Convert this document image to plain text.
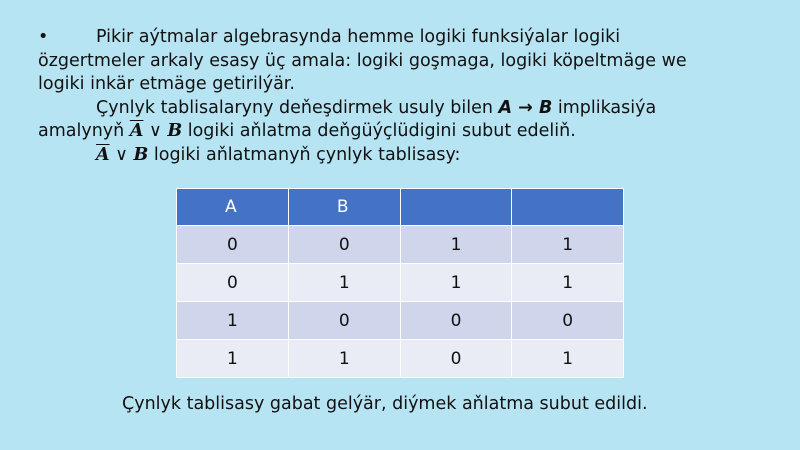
•	Pikir aýtmalar algebrasynda hemme logiki funksiýalar logiki
özgertmeler arkaly esasy üç amala: logiki goşmaga, logiki köpeltmäge we
logiki inkär etmäge getirilýär.
Çynlyk tablisalaryny deňeşdirmek usuly bilen A → B implikasiýa
amalynyň $\overline{A}$ ∨ B logiki aňlatma deňgüýçlüdigini subut edeliň.
$\overline{A}$ ∨ B logiki aňlatmanyň çynlyk tablisasy:
A	B		
0	0	1	1
0	1	1	1
1	0	0	0
1	1	0	1
Çynlyk tablisasy gabat gelýär, diýmek aňlatma subut edildi.
